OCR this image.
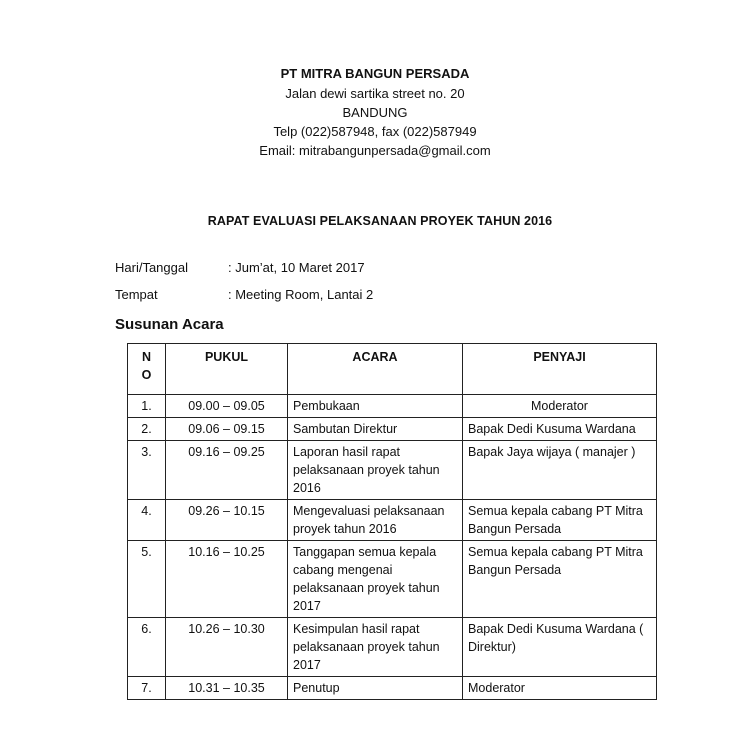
PT MITRA BANGUN PERSADA
Jalan dewi sartika street no. 20
BANDUNG
Telp (022)587948, fax (022)587949
Email: mitrabangunpersada@gmail.com
RAPAT EVALUASI PELAKSANAAN PROYEK TAHUN 2016
Hari/Tanggal	: Jum’at, 10 Maret 2017
Tempat	: Meeting Room, Lantai 2
Susunan Acara
N
O	PUKUL	ACARA	PENYAJI
1.	09.00 – 09.05	Pembukaan	Moderator
2.	09.06 – 09.15	Sambutan Direktur	Bapak Dedi Kusuma Wardana
3.	09.16 – 09.25	Laporan hasil rapat pelaksanaan proyek tahun 2016	Bapak Jaya wijaya ( manajer )
4.	09.26 – 10.15	Mengevaluasi pelaksanaan proyek tahun 2016	Semua kepala cabang PT Mitra Bangun Persada
5.	10.16 – 10.25	Tanggapan semua kepala cabang mengenai pelaksanaan proyek tahun 2017	Semua kepala cabang PT Mitra Bangun Persada
6.	10.26 – 10.30	Kesimpulan hasil rapat pelaksanaan proyek tahun 2017	Bapak Dedi Kusuma Wardana ( Direktur)
7.	10.31 – 10.35	Penutup	Moderator
